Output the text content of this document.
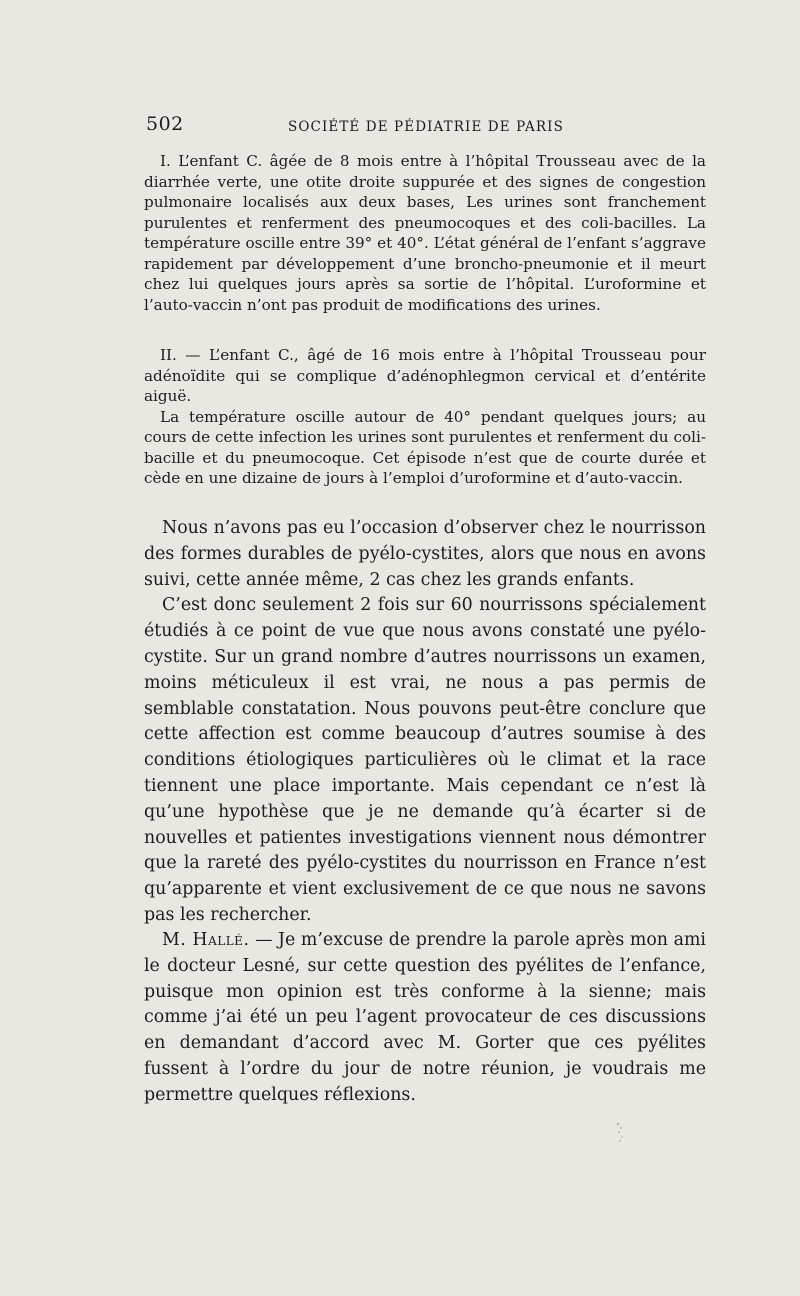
502	SOCIÉTÉ DE PÉDIATRIE DE PARIS

I. L’enfant C. âgée de 8 mois entre à l’hôpital Trousseau avec de la diarrhée verte, une otite droite suppurée et des signes de congestion pulmonaire localisés aux deux bases, Les urines sont franchement purulentes et renferment des pneumocoques et des coli-bacilles. La température oscille entre 39° et 40°. L’état général de l’enfant s’aggrave rapidement par développement d’une broncho-pneumonie et il meurt chez lui quelques jours après sa sortie de l’hôpital. L’uroformine et l’auto-vaccin n’ont pas produit de modifications des urines.

II. — L’enfant C., âgé de 16 mois entre à l’hôpital Trousseau pour adénoïdite qui se complique d’adénophlegmon cervical et d’entérite aiguë.

La température oscille autour de 40° pendant quelques jours; au cours de cette infection les urines sont purulentes et renferment du coli-bacille et du pneumocoque. Cet épisode n’est que de courte durée et cède en une dizaine de jours à l’emploi d’uroformine et d’auto-vaccin.

Nous n’avons pas eu l’occasion d’observer chez le nourrisson des formes durables de pyélo-cystites, alors que nous en avons suivi, cette année même, 2 cas chez les grands enfants.

C’est donc seulement 2 fois sur 60 nourrissons spécialement étudiés à ce point de vue que nous avons constaté une pyélo-cystite. Sur un grand nombre d’autres nourrissons un examen, moins méticuleux il est vrai, ne nous a pas permis de semblable constatation. Nous pouvons peut-être conclure que cette affection est comme beaucoup d’autres soumise à des conditions étiologiques particulières où le climat et la race tiennent une place importante. Mais cependant ce n’est là qu’une hypothèse que je ne demande qu’à écarter si de nouvelles et patientes investigations viennent nous démontrer que la rareté des pyélo-cystites du nourrisson en France n’est qu’apparente et vient exclusivement de ce que nous ne savons pas les rechercher.

M. Hallé. — Je m’excuse de prendre la parole après mon ami le docteur Lesné, sur cette question des pyélites de l’enfance, puisque mon opinion est très conforme à la sienne; mais comme j’ai été un peu l’agent provocateur de ces discussions en demandant d’accord avec M. Gorter que ces pyélites fussent à l’ordre du jour de notre réunion, je voudrais me permettre quelques réflexions.
